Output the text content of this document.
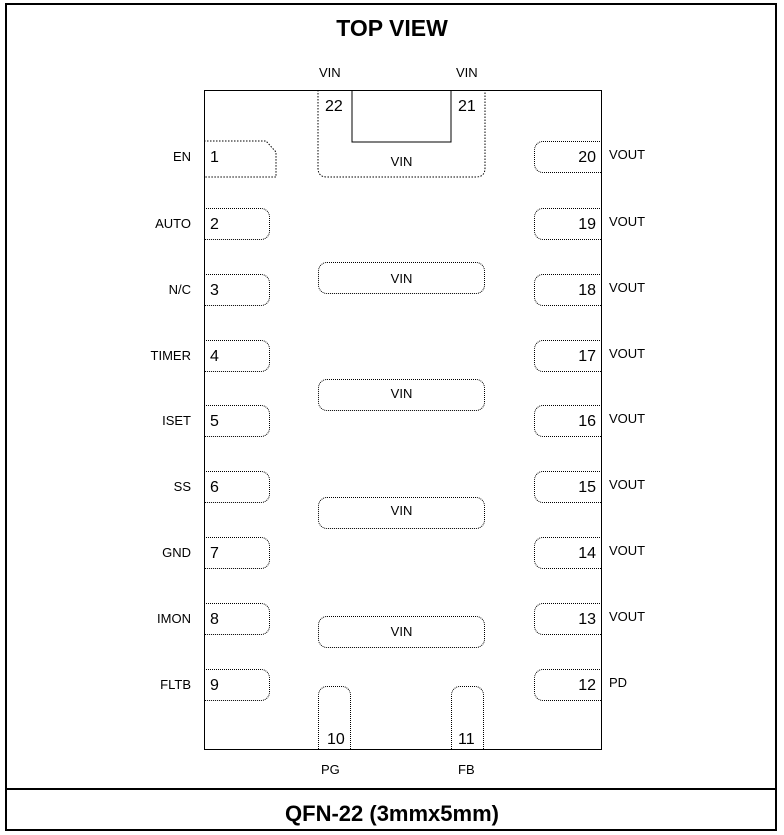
TOP VIEW
QFN-22 (3mmx5mm)
1
EN
2
AUTO
3
N/C
4
TIMER
5
ISET
6
SS
7
GND
8
IMON
9
FLTB
20 VOUT
19 VOUT
18 VOUT
17 VOUT
16 VOUT
15 VOUT
14 VOUT
13 VOUT
12 PD
VIN
22
VIN
21
VIN
VIN
VIN
VIN
VIN
10
PG
11
FB
